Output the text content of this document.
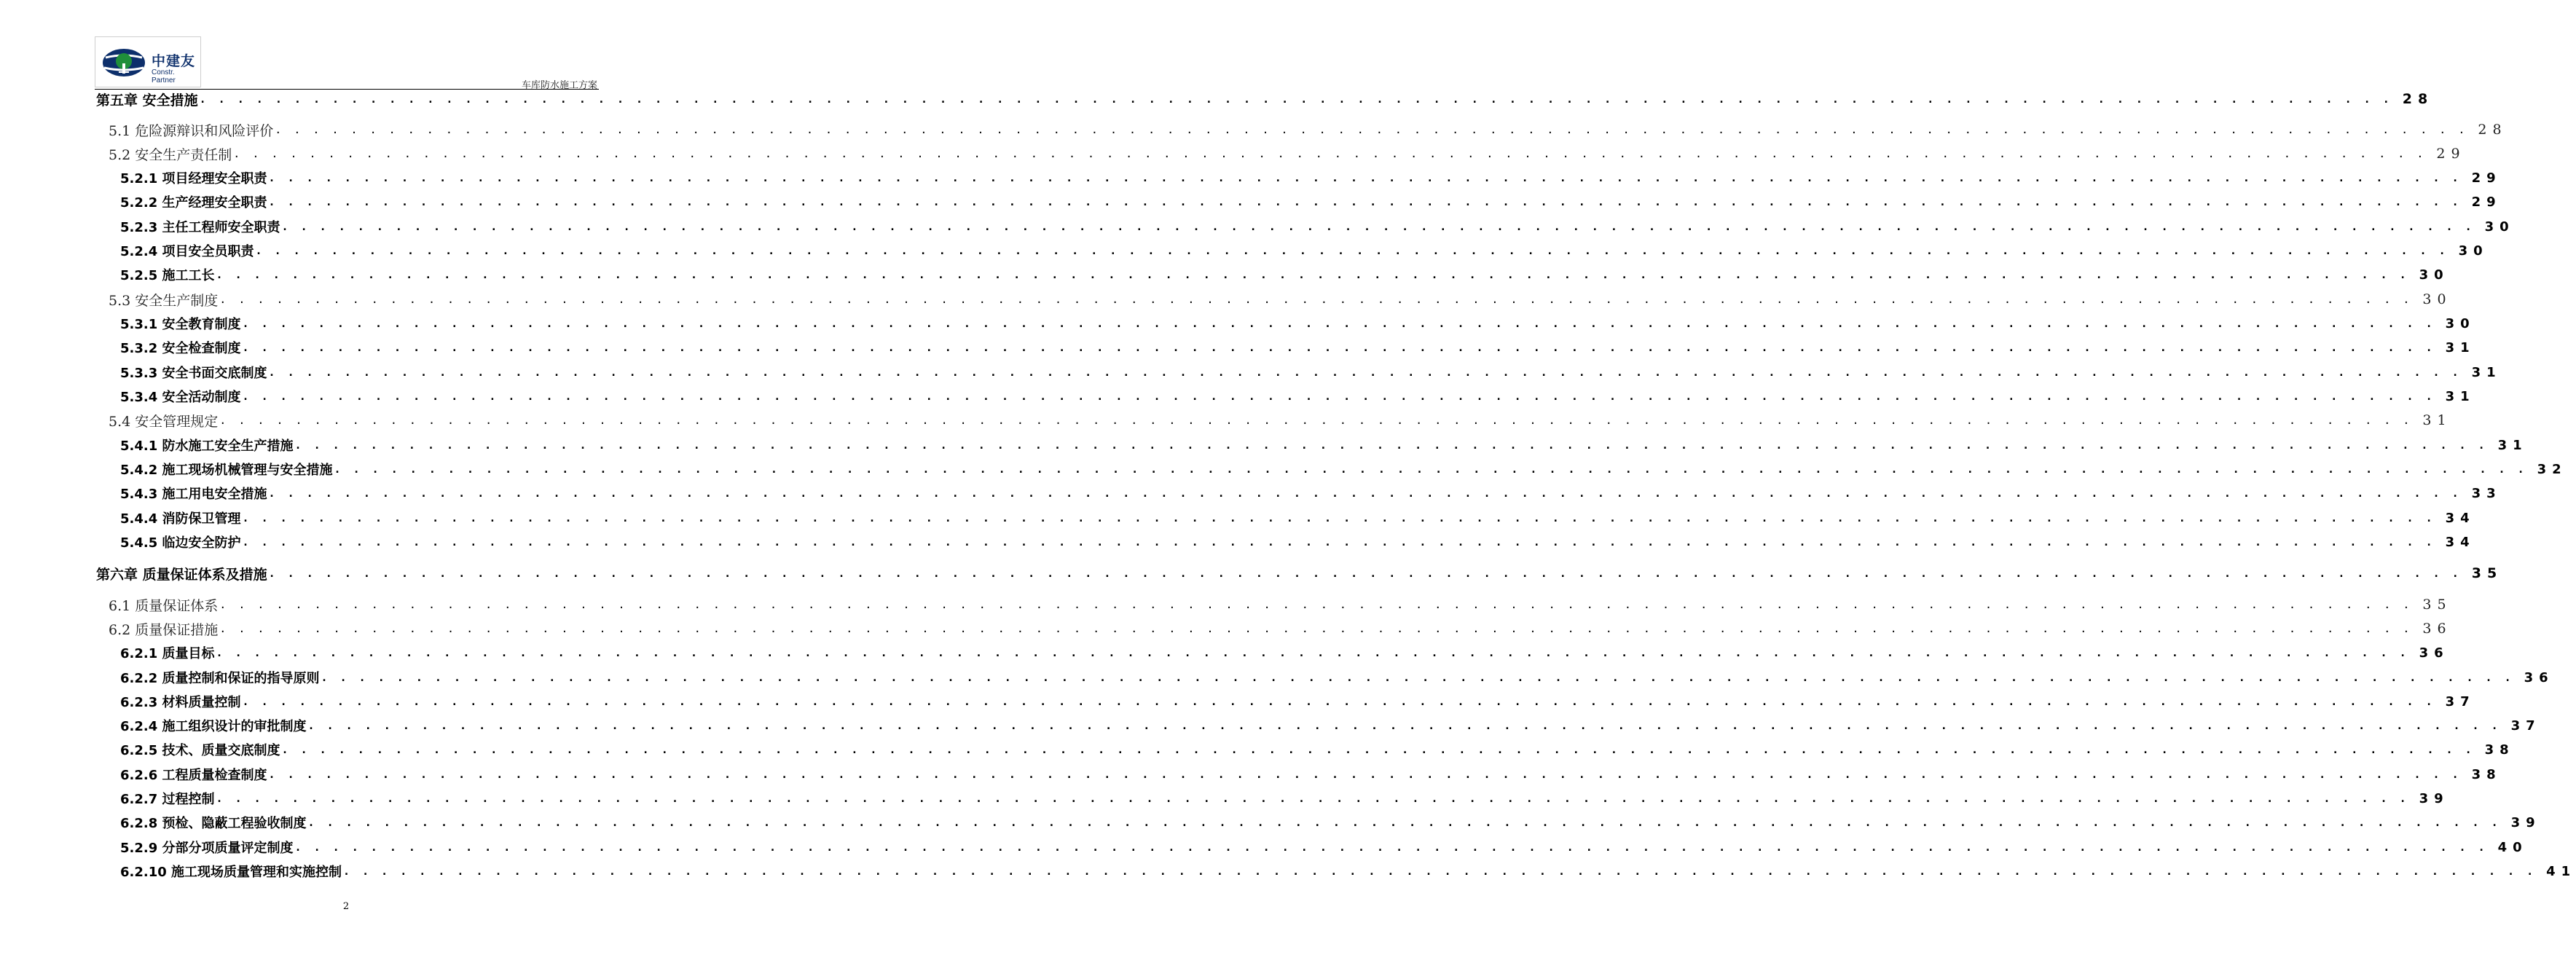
中建友
Constr. Partner	车库防水施工方案
第五章 安全措施 . . .	28
5.1 危险源辩识和风险评价 . . .	28
5.2 安全生产责任制 . . .	29
5.2.1 项目经理安全职责 . . .	29
5.2.2 生产经理安全职责 . . .	29
5.2.3 主任工程师安全职责 . . .	30
5.2.4 项目安全员职责 . . .	30
5.2.5 施工工长 . . .	30
5.3 安全生产制度 . . .	30
5.3.1 安全教育制度 . . .	30
5.3.2 安全检查制度 . . .	31
5.3.3 安全书面交底制度 . . .	31
5.3.4 安全活动制度 . . .	31
5.4 安全管理规定 . . .	31
5.4.1 防水施工安全生产措施 . . .	31
5.4.2 施工现场机械管理与安全措施 . . .	32
5.4.3 施工用电安全措施 . . .	33
5.4.4 消防保卫管理 . . .	34
5.4.5 临边安全防护 . . .	34
第六章 质量保证体系及措施 . . .	35
6.1 质量保证体系 . . .	35
6.2 质量保证措施 . . .	36
6.2.1 质量目标 . . .	36
6.2.2 质量控制和保证的指导原则 . . .	36
6.2.3 材料质量控制 . . .	37
6.2.4 施工组织设计的审批制度 . . .	37
6.2.5 技术、质量交底制度 . . .	38
6.2.6 工程质量检查制度 . . .	38
6.2.7 过程控制 . . .	39
6.2.8 预检、隐蔽工程验收制度 . . .	39
5.2.9 分部分项质量评定制度 . . .	40
6.2.10 施工现场质量管理和实施控制 . . .	41
2
